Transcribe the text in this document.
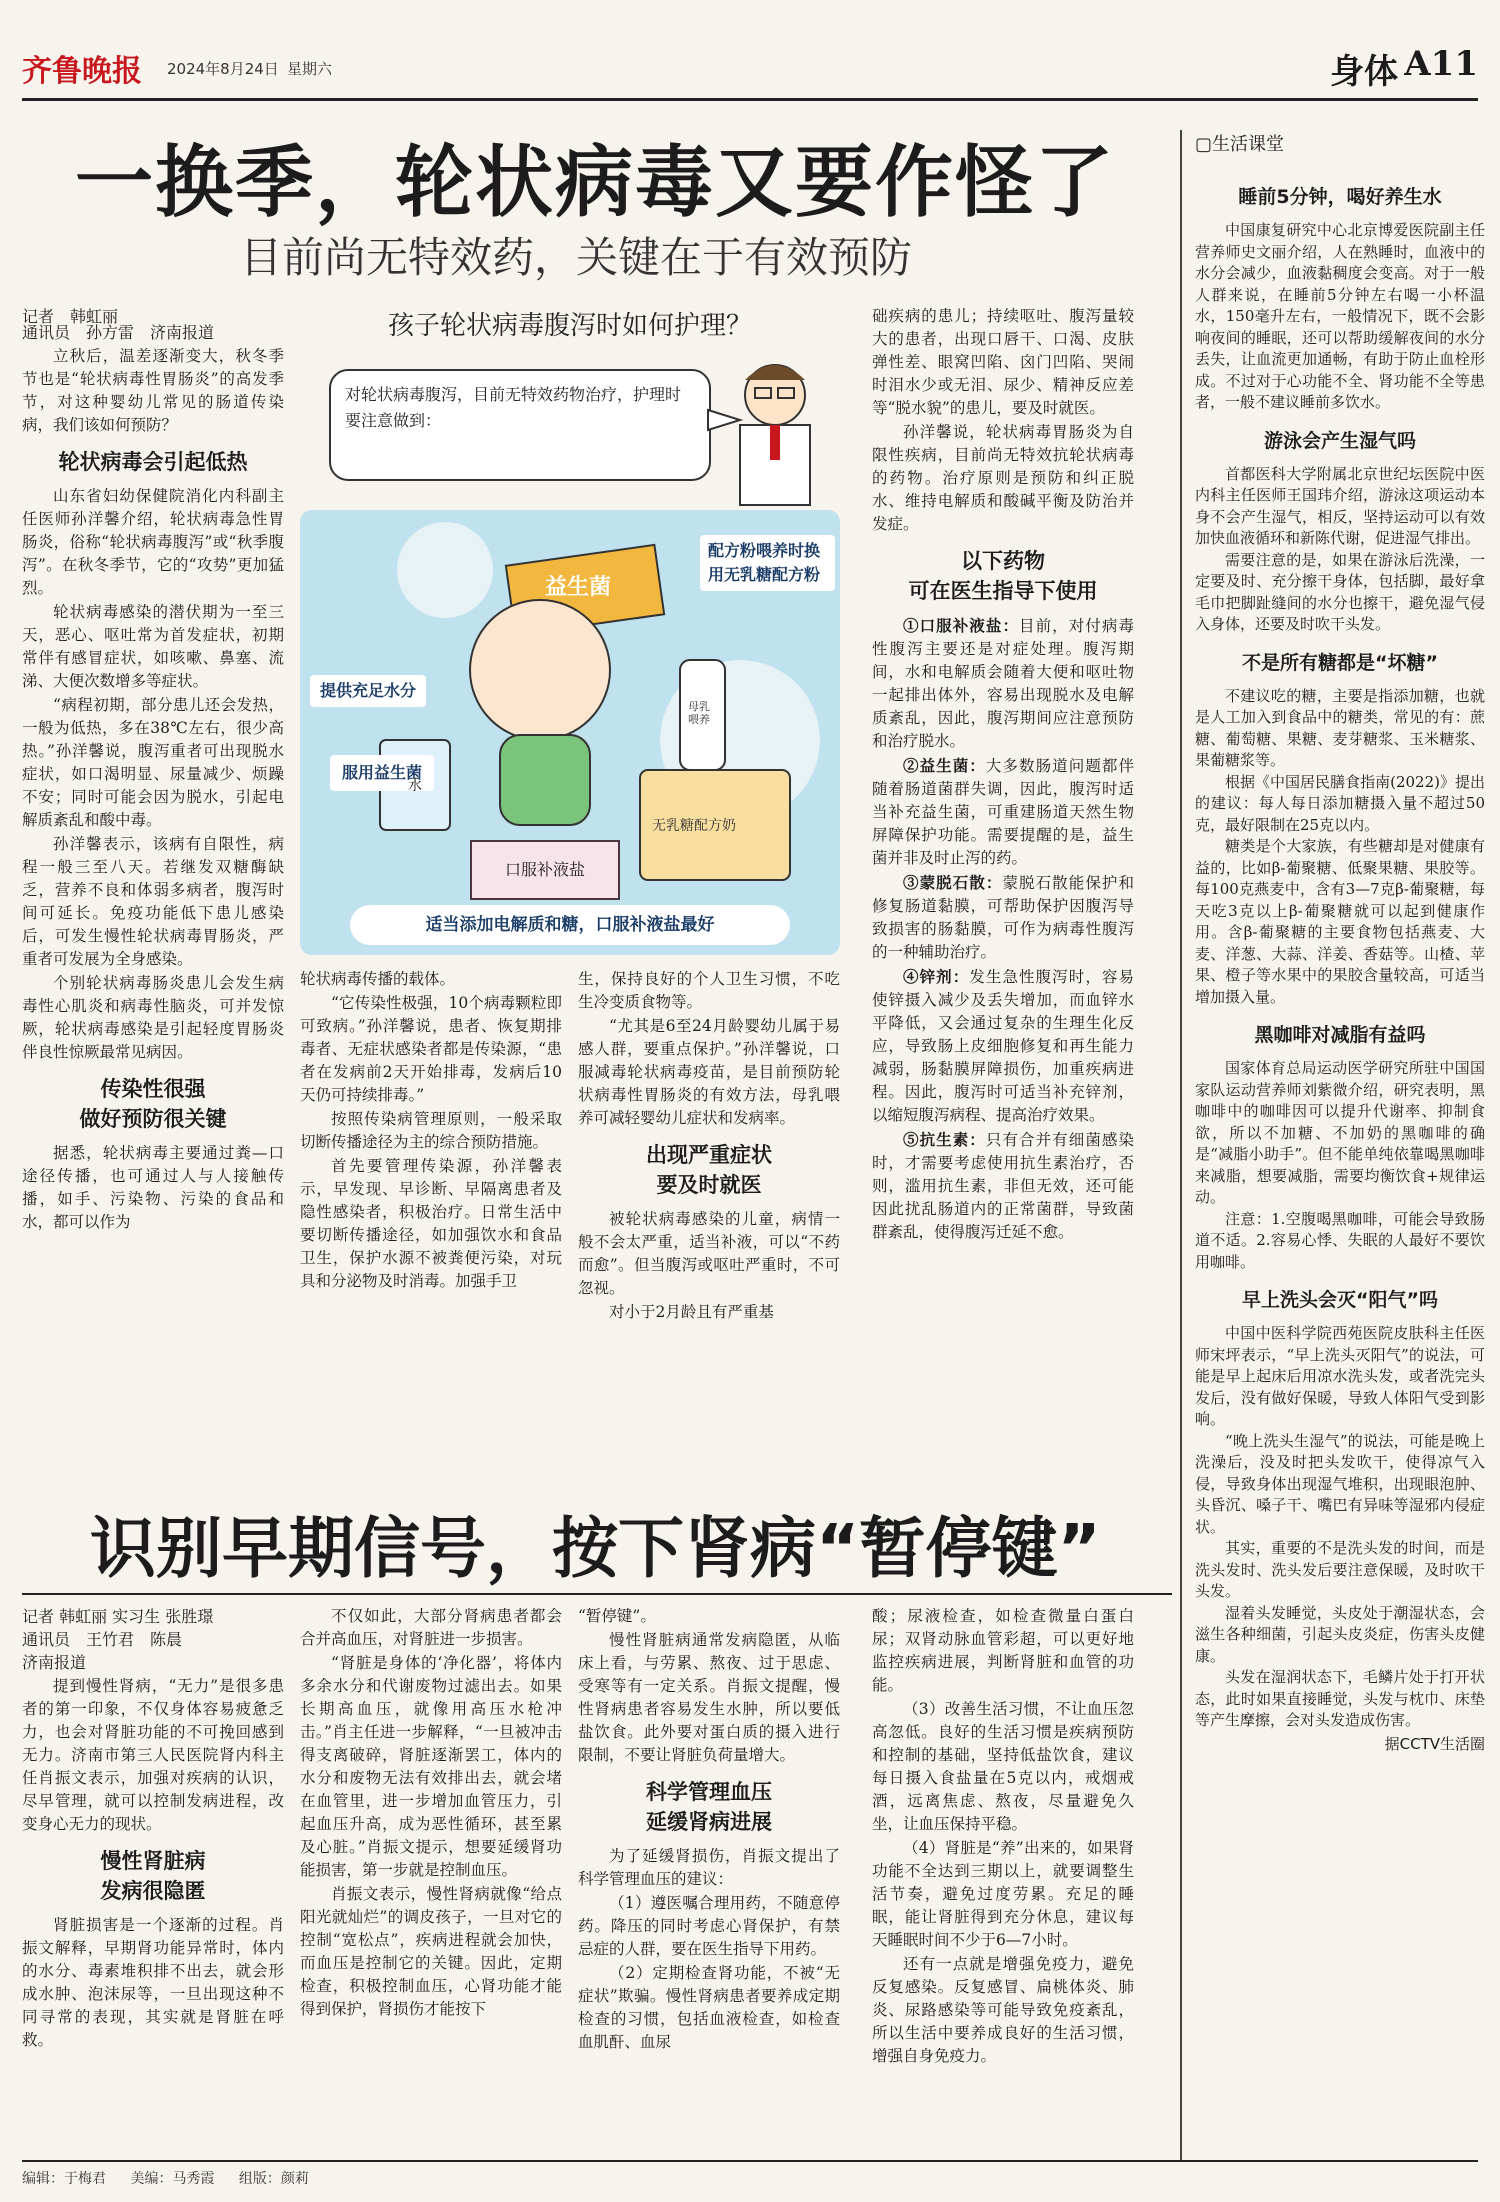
齐鲁晚报 2024年8月24日 星期六	身体 A11
一换季，轮状病毒又要作怪了
目前尚无特效药，关键在于有效预防

记者　韩虹丽

通讯员　孙方雷　济南报道

立秋后，温差逐渐变大，秋冬季节也是“轮状病毒性胃肠炎”的高发季节，对这种婴幼儿常见的肠道传染病，我们该如何预防？

轮状病毒会引起低热

山东省妇幼保健院消化内科副主任医师孙洋馨介绍，轮状病毒急性胃肠炎，俗称“轮状病毒腹泻”或“秋季腹泻”。在秋冬季节，它的“攻势”更加猛烈。

轮状病毒感染的潜伏期为一至三天，恶心、呕吐常为首发症状，初期常伴有感冒症状，如咳嗽、鼻塞、流涕、大便次数增多等症状。

“病程初期，部分患儿还会发热，一般为低热，多在38℃左右，很少高热。”孙洋馨说，腹泻重者可出现脱水症状，如口渴明显、尿量减少、烦躁不安；同时可能会因为脱水，引起电解质紊乱和酸中毒。

孙洋馨表示，该病有自限性，病程一般三至八天。若继发双糖酶缺乏，营养不良和体弱多病者，腹泻时间可延长。免疫功能低下患儿感染后，可发生慢性轮状病毒胃肠炎，严重者可发展为全身感染。

个别轮状病毒肠炎患儿会发生病毒性心肌炎和病毒性脑炎，可并发惊厥，轮状病毒感染是引起轻度胃肠炎伴良性惊厥最常见病因。

传染性很强
做好预防很关键

据悉，轮状病毒主要通过粪—口途径传播，也可通过人与人接触传播，如手、污染物、污染的食品和水，都可以作为

孩子轮状病毒腹泻时如何护理？
对轮状病毒腹泻，目前无特效药物治疗，护理时要注意做到：
服用益生菌
提供充足水分
配方粉喂养时换用无乳糖配方粉
益生菌
无乳糖配方奶
母乳喂养
水
口服补液盐
适当添加电解质和糖，口服补液盐最好

轮状病毒传播的载体。

“它传染性极强，10个病毒颗粒即可致病。”孙洋馨说，患者、恢复期排毒者、无症状感染者都是传染源，“患者在发病前2天开始排毒，发病后10天仍可持续排毒。”

按照传染病管理原则，一般采取切断传播途径为主的综合预防措施。

首先要管理传染源，孙洋馨表示，早发现、早诊断、早隔离患者及隐性感染者，积极治疗。日常生活中要切断传播途径，如加强饮水和食品卫生，保护水源不被粪便污染，对玩具和分泌物及时消毒。加强手卫

生，保持良好的个人卫生习惯，不吃生冷变质食物等。

“尤其是6至24月龄婴幼儿属于易感人群，要重点保护。”孙洋馨说，口服减毒轮状病毒疫苗，是目前预防轮状病毒性胃肠炎的有效方法，母乳喂养可减轻婴幼儿症状和发病率。

出现严重症状
要及时就医

被轮状病毒感染的儿童，病情一般不会太严重，适当补液，可以“不药而愈”。但当腹泻或呕吐严重时，不可忽视。

对小于2月龄且有严重基

础疾病的患儿；持续呕吐、腹泻量较大的患者，出现口唇干、口渴、皮肤弹性差、眼窝凹陷、囟门凹陷、哭闹时泪水少或无泪、尿少、精神反应差等“脱水貌”的患儿，要及时就医。

孙洋馨说，轮状病毒胃肠炎为自限性疾病，目前尚无特效抗轮状病毒的药物。治疗原则是预防和纠正脱水、维持电解质和酸碱平衡及防治并发症。

以下药物
可在医生指导下使用

①口服补液盐：目前，对付病毒性腹泻主要还是对症处理。腹泻期间，水和电解质会随着大便和呕吐物一起排出体外，容易出现脱水及电解质紊乱，因此，腹泻期间应注意预防和治疗脱水。

②益生菌：大多数肠道问题都伴随着肠道菌群失调，因此，腹泻时适当补充益生菌，可重建肠道天然生物屏障保护功能。需要提醒的是，益生菌并非及时止泻的药。

③蒙脱石散：蒙脱石散能保护和修复肠道黏膜，可帮助保护因腹泻导致损害的肠黏膜，可作为病毒性腹泻的一种辅助治疗。

④锌剂：发生急性腹泻时，容易使锌摄入减少及丢失增加，而血锌水平降低，又会通过复杂的生理生化反应，导致肠上皮细胞修复和再生能力减弱，肠黏膜屏障损伤，加重疾病进程。因此，腹泻时可适当补充锌剂，以缩短腹泻病程、提高治疗效果。

⑤抗生素：只有合并有细菌感染时，才需要考虑使用抗生素治疗，否则，滥用抗生素，非但无效，还可能因此扰乱肠道内的正常菌群，导致菌群紊乱，使得腹泻迁延不愈。

识别早期信号，按下肾病“暂停键”

记者 韩虹丽 实习生 张胜璟

通讯员　王竹君　陈晨

济南报道

提到慢性肾病，“无力”是很多患者的第一印象，不仅身体容易疲惫乏力，也会对肾脏功能的不可挽回感到无力。济南市第三人民医院肾内科主任肖振文表示，加强对疾病的认识，尽早管理，就可以控制发病进程，改变身心无力的现状。

慢性肾脏病
发病很隐匿

肾脏损害是一个逐渐的过程。肖振文解释，早期肾功能异常时，体内的水分、毒素堆积排不出去，就会形成水肿、泡沫尿等，一旦出现这种不同寻常的表现，其实就是肾脏在呼救。

不仅如此，大部分肾病患者都会合并高血压，对肾脏进一步损害。

“肾脏是身体的‘净化器’，将体内多余水分和代谢废物过滤出去。如果长期高血压，就像用高压水枪冲击。”肖主任进一步解释，“一旦被冲击得支离破碎，肾脏逐渐罢工，体内的水分和废物无法有效排出去，就会堵在血管里，进一步增加血管压力，引起血压升高，成为恶性循环，甚至累及心脏。”肖振文提示，想要延缓肾功能损害，第一步就是控制血压。

肖振文表示，慢性肾病就像“给点阳光就灿烂”的调皮孩子，一旦对它的控制“宽松点”，疾病进程就会加快，而血压是控制它的关键。因此，定期检查，积极控制血压，心肾功能才能得到保护，肾损伤才能按下

“暂停键”。

慢性肾脏病通常发病隐匿，从临床上看，与劳累、熬夜、过于思虑、受寒等有一定关系。肖振文提醒，慢性肾病患者容易发生水肿，所以要低盐饮食。此外要对蛋白质的摄入进行限制，不要让肾脏负荷量增大。

科学管理血压
延缓肾病进展

为了延缓肾损伤，肖振文提出了科学管理血压的建议：

（1）遵医嘱合理用药，不随意停药。降压的同时考虑心肾保护，有禁忌症的人群，要在医生指导下用药。

（2）定期检查肾功能，不被“无症状”欺骗。慢性肾病患者要养成定期检查的习惯，包括血液检查，如检查血肌酐、血尿

酸；尿液检查，如检查微量白蛋白尿；双肾动脉血管彩超，可以更好地监控疾病进展，判断肾脏和血管的功能。

（3）改善生活习惯，不让血压忽高忽低。良好的生活习惯是疾病预防和控制的基础，坚持低盐饮食，建议每日摄入食盐量在5克以内，戒烟戒酒，远离焦虑、熬夜，尽量避免久坐，让血压保持平稳。

（4）肾脏是“养”出来的，如果肾功能不全达到三期以上，就要调整生活节奏，避免过度劳累。充足的睡眠，能让肾脏得到充分休息，建议每天睡眠时间不少于6—7小时。

还有一点就是增强免疫力，避免反复感染。反复感冒、扁桃体炎、肺炎、尿路感染等可能导致免疫紊乱，所以生活中要养成良好的生活习惯，增强自身免疫力。

▢生活课堂
睡前5分钟，喝好养生水

中国康复研究中心北京博爱医院副主任营养师史文丽介绍，人在熟睡时，血液中的水分会减少，血液黏稠度会变高。对于一般人群来说，在睡前5分钟左右喝一小杯温水，150毫升左右，一般情况下，既不会影响夜间的睡眠，还可以帮助缓解夜间的水分丢失，让血流更加通畅，有助于防止血栓形成。不过对于心功能不全、肾功能不全等患者，一般不建议睡前多饮水。

游泳会产生湿气吗

首都医科大学附属北京世纪坛医院中医内科主任医师王国玮介绍，游泳这项运动本身不会产生湿气，相反，坚持运动可以有效加快血液循环和新陈代谢，促进湿气排出。

需要注意的是，如果在游泳后洗澡，一定要及时、充分擦干身体，包括脚，最好拿毛巾把脚趾缝间的水分也擦干，避免湿气侵入身体，还要及时吹干头发。

不是所有糖都是“坏糖”

不建议吃的糖，主要是指添加糖，也就是人工加入到食品中的糖类，常见的有：蔗糖、葡萄糖、果糖、麦芽糖浆、玉米糖浆、果葡糖浆等。

根据《中国居民膳食指南(2022)》提出的建议：每人每日添加糖摄入量不超过50克，最好限制在25克以内。

糖类是个大家族，有些糖却是对健康有益的，比如β-葡聚糖、低聚果糖、果胶等。每100克燕麦中，含有3—7克β-葡聚糖，每天吃3克以上β-葡聚糖就可以起到健康作用。含β-葡聚糖的主要食物包括燕麦、大麦、洋葱、大蒜、洋姜、香菇等。山楂、苹果、橙子等水果中的果胶含量较高，可适当增加摄入量。

黑咖啡对减脂有益吗

国家体育总局运动医学研究所驻中国国家队运动营养师刘紫微介绍，研究表明，黑咖啡中的咖啡因可以提升代谢率、抑制食欲，所以不加糖、不加奶的黑咖啡的确是“减脂小助手”。但不能单纯依靠喝黑咖啡来减脂，想要减脂，需要均衡饮食+规律运动。

注意：1.空腹喝黑咖啡，可能会导致肠道不适。2.容易心悸、失眠的人最好不要饮用咖啡。

早上洗头会灭“阳气”吗

中国中医科学院西苑医院皮肤科主任医师宋坪表示，“早上洗头灭阳气”的说法，可能是早上起床后用凉水洗头发，或者洗完头发后，没有做好保暖，导致人体阳气受到影响。

“晚上洗头生湿气”的说法，可能是晚上洗澡后，没及时把头发吹干，使得凉气入侵，导致身体出现湿气堆积，出现眼泡肿、头昏沉、嗓子干、嘴巴有异味等湿邪内侵症状。

其实，重要的不是洗头发的时间，而是洗头发时、洗头发后要注意保暖，及时吹干头发。

湿着头发睡觉，头皮处于潮湿状态，会滋生各种细菌，引起头皮炎症，伤害头皮健康。

头发在湿润状态下，毛鳞片处于打开状态，此时如果直接睡觉，头发与枕巾、床垫等产生摩擦，会对头发造成伤害。

据CCTV生活圈
编辑：于梅君 美编：马秀霞 组版：颜莉
